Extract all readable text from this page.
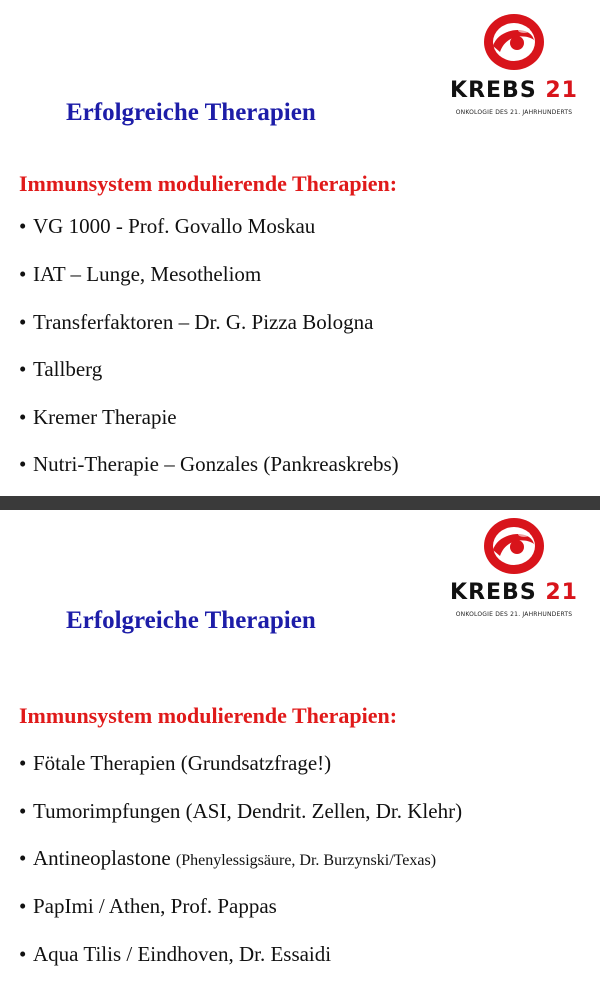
KREBS 21
ONKOLOGIE DES 21. JAHRHUNDERTS
Erfolgreiche Therapien
Immunsystem modulierende Therapien:
• VG 1000 - Prof. Govallo Moskau
• IAT – Lunge, Mesotheliom
• Transferfaktoren – Dr. G. Pizza Bologna
• Tallberg
• Kremer Therapie
• Nutri-Therapie – Gonzales (Pankreaskrebs)
KREBS 21
ONKOLOGIE DES 21. JAHRHUNDERTS
Erfolgreiche Therapien
Immunsystem modulierende Therapien:
• Fötale Therapien (Grundsatzfrage!)
• Tumorimpfungen (ASI, Dendrit. Zellen, Dr. Klehr)
• Antineoplastone (Phenylessigsäure, Dr. Burzynski/Texas)
• PapImi / Athen, Prof. Pappas
• Aqua Tilis / Eindhoven, Dr. Essaidi
